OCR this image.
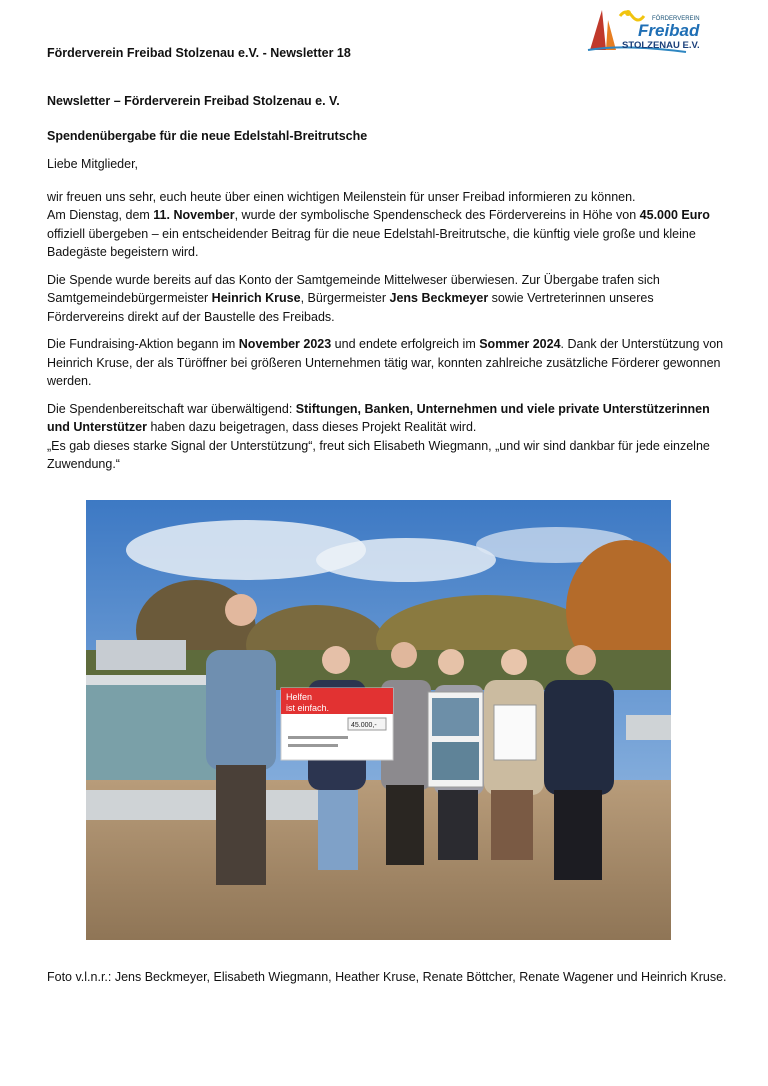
Förderverein Freibad Stolzenau e.V. - Newsletter 18
FÖRDERVEREIN
Freibad
STOLZENAU E.V.

Newsletter – Förderverein Freibad Stolzenau e. V.

Spendenübergabe für die neue Edelstahl-Breitrutsche

Liebe Mitglieder,

wir freuen uns sehr, euch heute über einen wichtigen Meilenstein für unser Freibad informieren zu können.
Am Dienstag, dem 11. November, wurde der symbolische Spendenscheck des Fördervereins in Höhe von 45.000 Euro offiziell übergeben – ein entscheidender Beitrag für die neue Edelstahl-Breitrutsche, die künftig viele große und kleine Badegäste begeistern wird.

Die Spende wurde bereits auf das Konto der Samtgemeinde Mittelweser überwiesen. Zur Übergabe trafen sich Samtgemeindebürgermeister Heinrich Kruse, Bürgermeister Jens Beckmeyer sowie Vertreterinnen unseres Fördervereins direkt auf der Baustelle des Freibads.

Die Fundraising-Aktion begann im November 2023 und endete erfolgreich im Sommer 2024. Dank der Unterstützung von Heinrich Kruse, der als Türöffner bei größeren Unternehmen tätig war, konnten zahlreiche zusätzliche Förderer gewonnen werden.

Die Spendenbereitschaft war überwältigend: Stiftungen, Banken, Unternehmen und viele private Unterstützerinnen und Unterstützer haben dazu beigetragen, dass dieses Projekt Realität wird.
„Es gab dieses starke Signal der Unterstützung“, freut sich Elisabeth Wiegmann, „und wir sind dankbar für jede einzelne Zuwendung.“

Helfen
ist einfach.
45.000,-
Foto v.l.n.r.: Jens Beckmeyer, Elisabeth Wiegmann, Heather Kruse, Renate Böttcher, Renate Wagener und Heinrich Kruse.
